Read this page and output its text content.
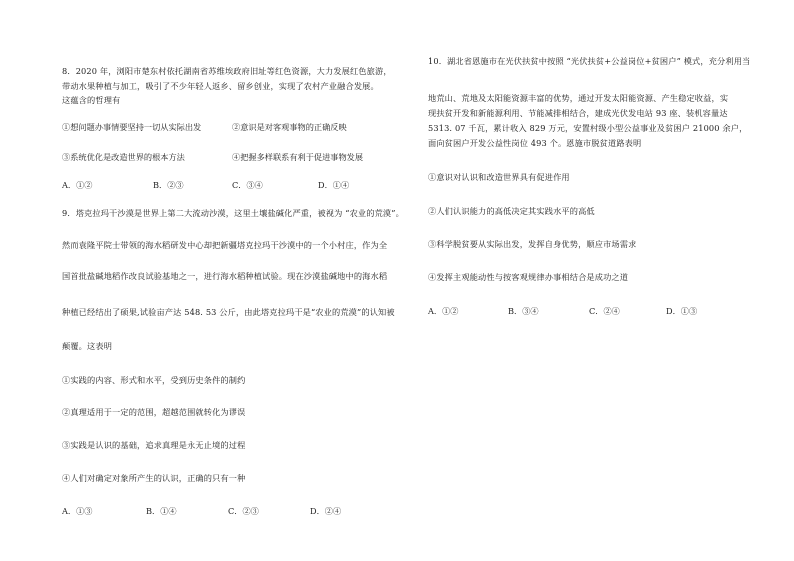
8．2020 年，浏阳市楚东村依托湖南省苏维埃政府旧址等红色资源，大力发展红色旅游，
带动水果种植与加工，吸引了不少年轻人返乡、留乡创业，实现了农村产业融合发展。
这蕴含的哲理有
①想问题办事情要坚持一切从实际出发	②意识是对客观事物的正确反映
③系统优化是改造世界的根本方法	④把握多样联系有利于促进事物发展
A．①②	B．②③	C．③④	D．①④
9．塔克拉玛干沙漠是世界上第二大流动沙漠，这里土壤盐碱化严重，被视为 “农业的荒漠”。
然而袁隆平院士带领的海水稻研发中心却把新疆塔克拉玛干沙漠中的一个小村庄，作为全
国首批盐碱地稻作改良试验基地之一，进行海水稻种植试验。现在沙漠盐碱地中的海水稻
种植已经结出了硕果,试验亩产达 548. 53 公斤，由此塔克拉玛干是“农业的荒漠”的认知被
颠覆。这表明
①实践的内容、形式和水平，受到历史条件的制约
②真理适用于一定的范围，超越范围就转化为谬误
③实践是认识的基础，追求真理是永无止境的过程
④人们对确定对象所产生的认识，正确的只有一种
A．①③	B．①④	C．②③	D．②④
10．湖北省恩施市在光伏扶贫中按照 “光伏扶贫+公益岗位+贫困户” 模式，充分利用当
地荒山、荒地及太阳能资源丰富的优势，通过开发太阳能资源、产生稳定收益，实
现扶贫开发和新能源利用、节能减排相结合，建成光伏发电站 93 座、装机容量达
5313. 07 千瓦，累计收入 829 万元，安置村级小型公益事业及贫困户 21000 余户，
面向贫困户开发公益性岗位 493 个。恩施市脱贫道路表明
①意识对认识和改造世界具有促进作用
②人们认识能力的高低决定其实践水平的高低
③科学脱贫要从实际出发，发挥自身优势，顺应市场需求
④发挥主观能动性与按客观规律办事相结合是成功之道
A．①②	B．③④	C．②④	D．①③
